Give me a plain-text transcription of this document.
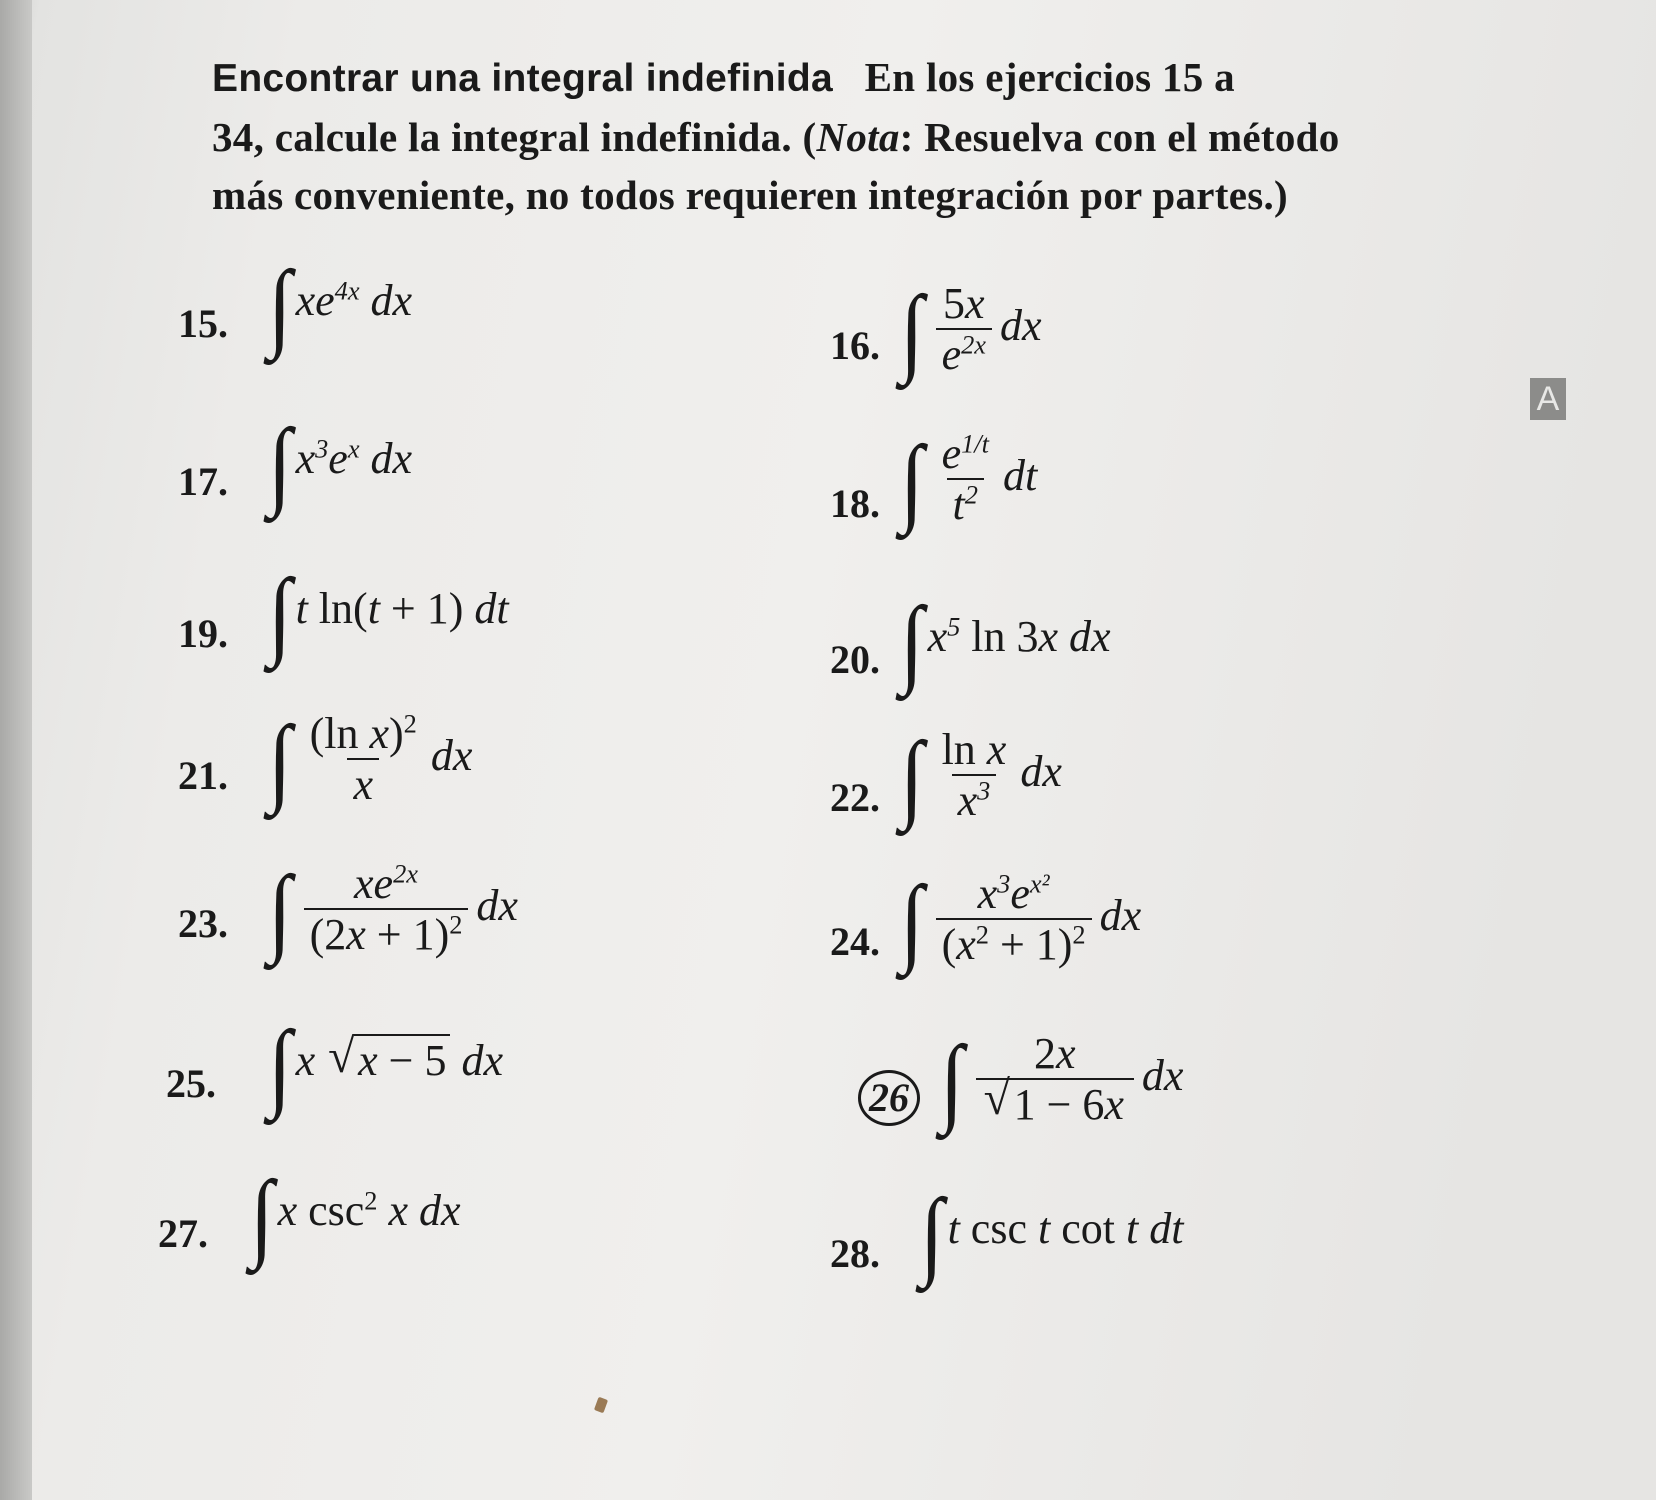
Encontrar una integral indefinida En los ejercicios 15 a
34, calcule la integral indefinida. (Nota: Resuelva con el método
más conveniente, no todos requieren integración por partes.)
15. $\int xe^{4x}$ dx
16. ∫ $\frac{5x}{e^{2x}}$ dx
17. $\int x^3e^x$ dx
18. ∫ $\frac{e^{1/t}}{t^2}$ dt
19. ∫t ln(t + 1) dt
20. $\int x^5$ ln 3x dx
21. ∫ $\frac{(\ln x)^2}{x}$ dx
22. ∫ $\frac{\text{ln x}}{x^3}$ dx
23. ∫ $\frac{xe^{2x}}{(2x + 1)^2}$ dx
24. ∫ $\frac{x^3e^{x^2}}{(x^2 + 1)^2}$ dx
25. ∫x √ x − 5 dx
26 ∫ $\frac{2x}{√ 1 - 6x}$ dx
27. ∫x $\csc^2 x$ dx
28. ∫t csc t cot t dt
A
